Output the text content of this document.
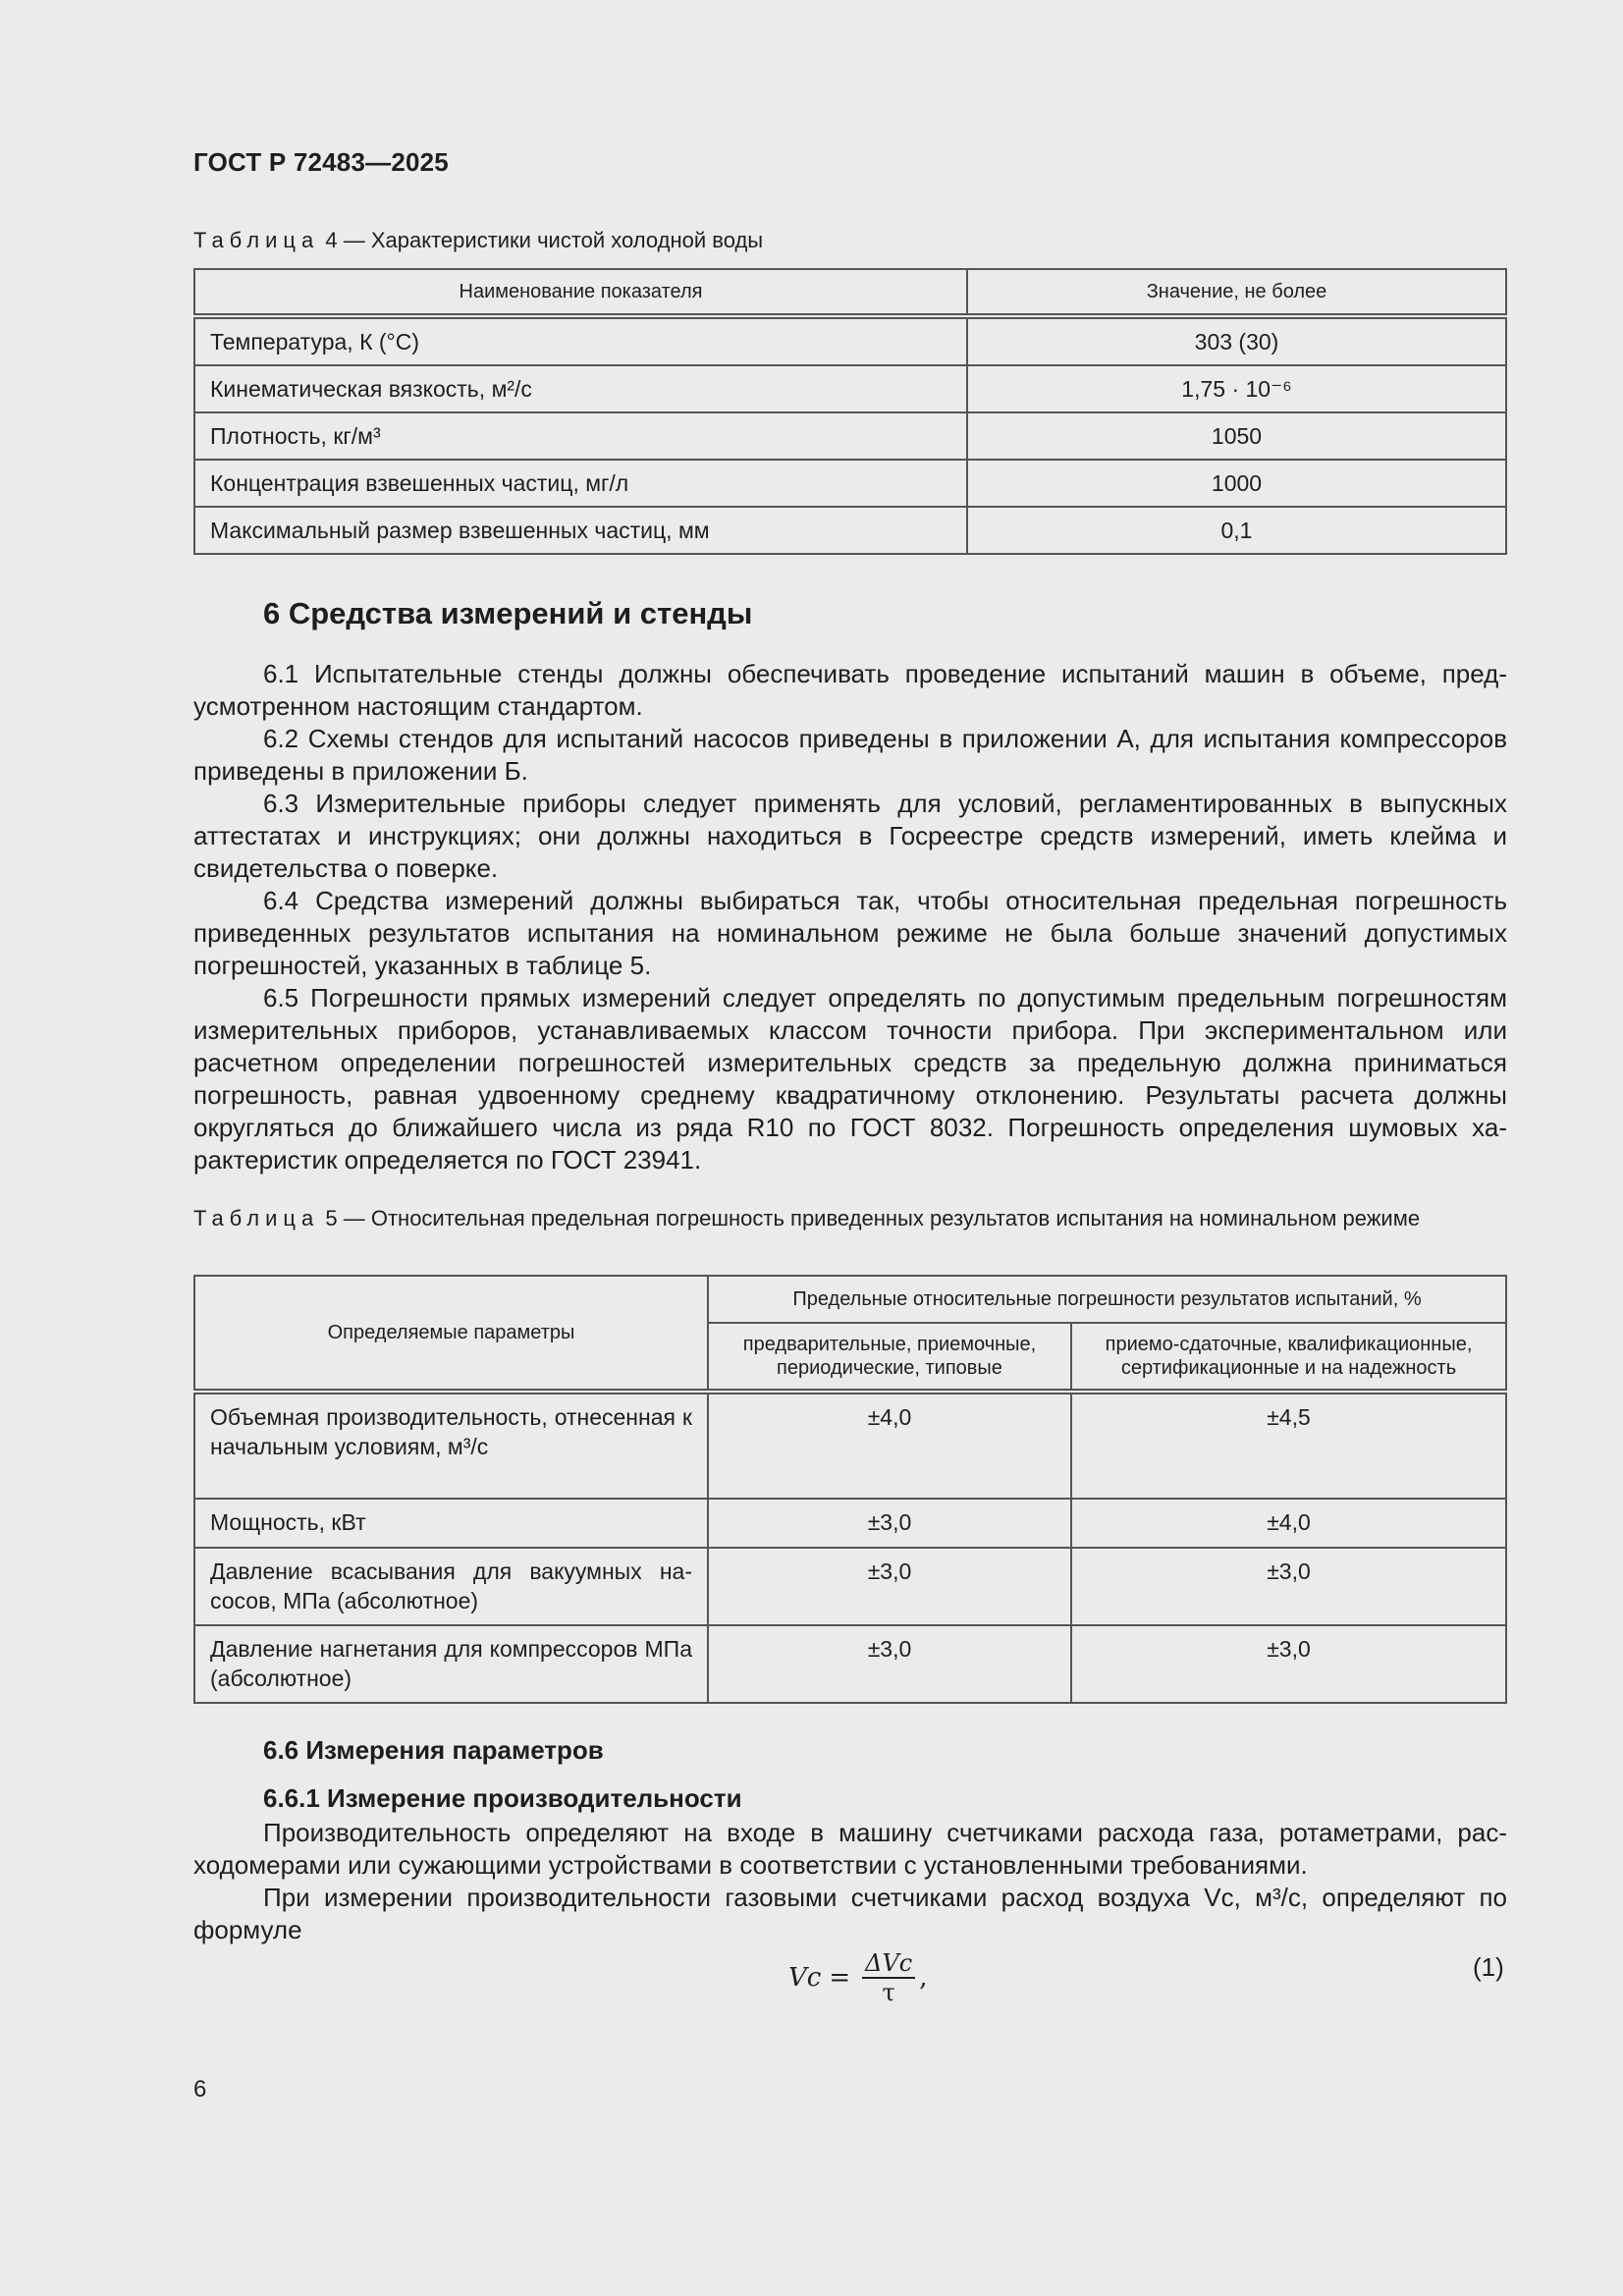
ГОСТ Р 72483—2025
Таблица 4 — Характеристики чистой холодной воды
Наименование показателя	Значение, не более
Температура, К (°С)	303 (30)
Кинематическая вязкость, м²/с	1,75 · 10⁻⁶
Плотность, кг/м³	1050
Концентрация взвешенных частиц, мг/л	1000
Максимальный размер взвешенных частиц, мм	0,1
6 Средства измерений и стенды

6.1 Испытательные стенды должны обеспечивать проведение испытаний машин в объеме, предусмотренном настоящим стандартом.

6.2 Схемы стендов для испытаний насосов приведены в приложении А, для испытания компрессоров приведены в приложении Б.

6.3 Измерительные приборы следует применять для условий, регламентированных в выпускных аттестатах и инструкциях; они должны находиться в Госреестре средств измерений, иметь клейма и свидетельства о поверке.

6.4 Средства измерений должны выбираться так, чтобы относительная предельная погрешность приведенных результатов испытания на номинальном режиме не была больше значений допустимых погрешностей, указанных в таблице 5.

6.5 Погрешности прямых измерений следует определять по допустимым предельным погрешностям измерительных приборов, устанавливаемых классом точности прибора. При экспериментальном или расчетном определении погрешностей измерительных средств за предельную должна приниматься погрешность, равная удвоенному среднему квадратичному отклонению. Результаты расчета должны округляться до ближайшего числа из ряда R10 по ГОСТ 8032. Погрешность определения шумовых характеристик определяется по ГОСТ 23941.

Таблица 5 — Относительная предельная погрешность приведенных результатов испытания на номинальном режиме
Определяемые параметры	Предельные относительные погрешности результатов испытаний, %	
	предварительные, приемочные, периодические, типовые	приемо-сдаточные, квалификационные, сертификационные и на надежность
Объемная производительность, отнесенная к начальным условиям, м³/с	±4,0	±4,5
Мощность, кВт	±3,0	±4,0
Давление всасывания для вакуумных насосов, МПа (абсолютное)	±3,0	±3,0
Давление нагнетания для компрессоров МПа (абсолютное)	±3,0	±3,0
6.6 Измерения параметров
6.6.1 Измерение производительности

Производительность определяют на входе в машину счетчиками расхода газа, ротаметрами, расходомерами или сужающими устройствами в соответствии с установленными требованиями.

При измерении производительности газовыми счетчиками расход воздуха Vс, м³/с, определяют по формуле

Vс = $\frac{\text{ΔVс}}{\tau}$ ,	(1)
6
